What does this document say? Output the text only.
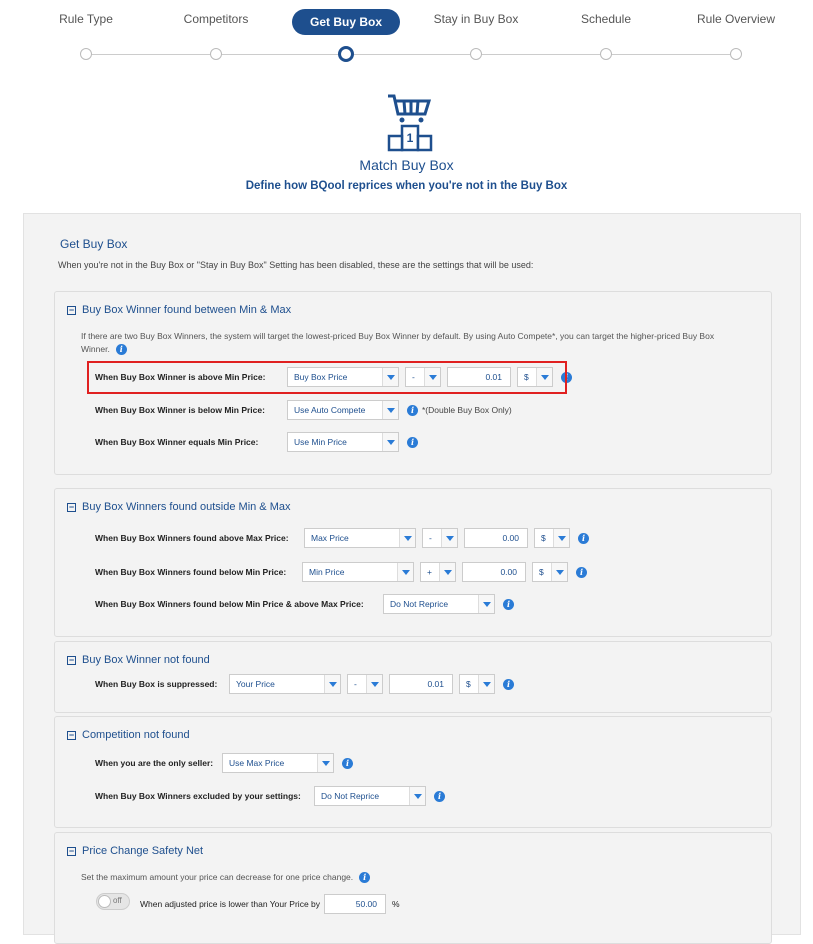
Rule Type	Competitors	Get Buy Box	Stay in Buy Box	Schedule	Rule Overview
1
Match Buy Box
Define how BQool reprices when you're not in the Buy Box
Get Buy Box
When you're not in the Buy Box or "Stay in Buy Box" Setting has been disabled, these are the settings that will be used:
− Buy Box Winner found between Min & Max
If there are two Buy Box Winners, the system will target the lowest-priced Buy Box Winner by default. By using Auto Compete*, you can target the higher-priced Buy Box
Winner.	i
− Buy Box Winners found outside Min & Max
− Buy Box Winner not found
− Competition not found
− Price Change Safety Net
Set the maximum amount your price can decrease for one price change.	i
When Buy Box Winner is above Min Price:	Buy Box Price	-	0.01	$	i
When Buy Box Winner is below Min Price:	Use Auto Compete	i *(Double Buy Box Only)
When Buy Box Winner equals Min Price:	Use Min Price	i
When Buy Box Winners found above Max Price:	Max Price	-	0.00	$	i
When Buy Box Winners found below Min Price:	Min Price	+	0.00	$	i
When Buy Box Winners found below Min Price & above Max Price:	Do Not Reprice	i
When Buy Box is suppressed:	Your Price	-	0.01	$	i
When you are the only seller:	Use Max Price	i
When Buy Box Winners excluded by your settings:	Do Not Reprice	i
off When adjusted price is lower than Your Price by	50.00	%
